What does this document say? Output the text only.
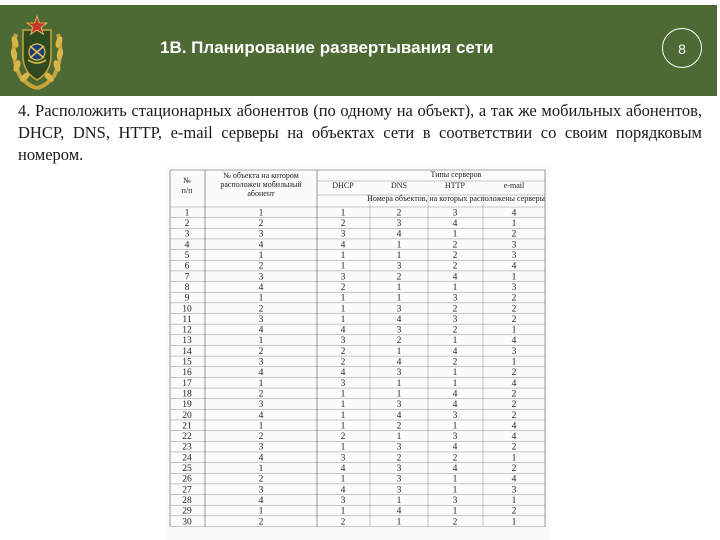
1В. Планирование развертывания сети	8

4. Расположить стационарных абонентов (по одному на объект), а так же мобильных абонентов, DHCP, DNS, HTTP, e-mail серверы на объектах сети в соответствии со своим порядковым номером.

№
п/п
№ объекта на котором
расположен мобильный
абонент
Типы серверов
DHCP	DNS	HTTP	e-mail
Номера объектов, на которых расположены серверы
1	1	1	2	3	4
2	2	2	3	4	1
3	3	3	4	1	2
4	4	4	1	2	3
5	1	1	1	2	3
6	2	1	3	2	4
7	3	3	2	4	1
8	4	2	1	1	3
9	1	1	1	3	2
10	2	1	3	2	2
11	3	1	4	3	2
12	4	4	3	2	1
13	1	3	2	1	4
14	2	2	1	4	3
15	3	2	4	2	1
16	4	4	3	1	2
17	1	3	1	1	4
18	2	1	1	4	2
19	3	1	3	4	2
20	4	1	4	3	2
21	1	1	2	1	4
22	2	2	1	3	4
23	3	1	3	4	2
24	4	3	2	2	1
25	1	4	3	4	2
26	2	1	3	1	4
27	3	4	3	1	3
28	4	3	1	3	1
29	1	1	4	1	2
30	2	2	1	2	1
